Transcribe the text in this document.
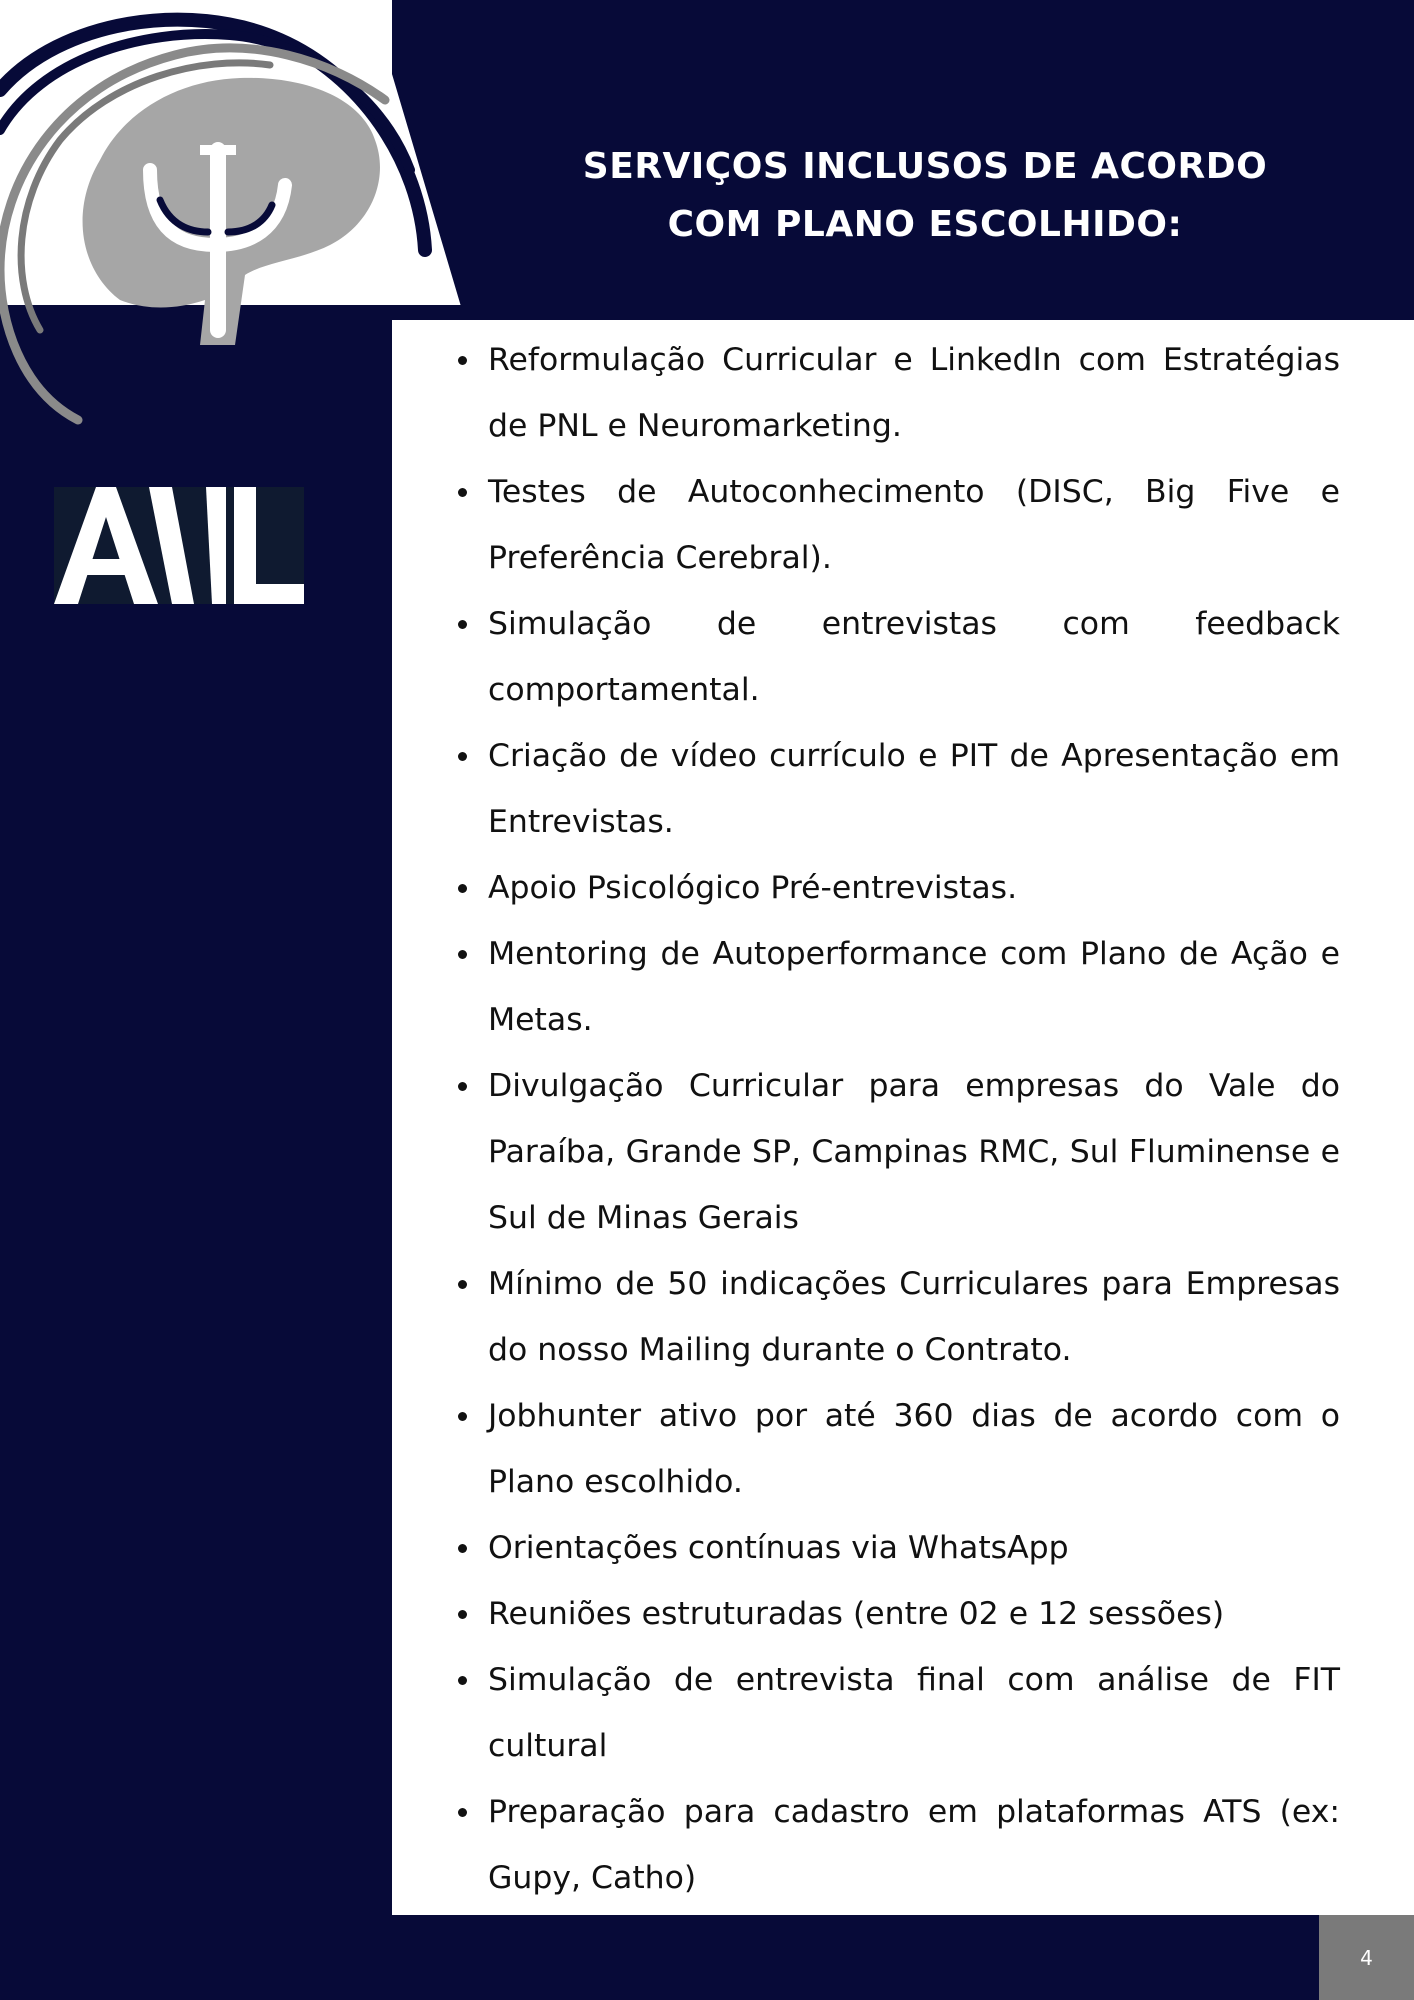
SERVIÇOS INCLUSOS DE ACORDO
COM PLANO ESCOLHIDO:
Reformulação Curricular e LinkedIn com Estratégias de PNL e Neuromarketing.
Testes de Autoconhecimento (DISC, Big Five e Preferência Cerebral).
Simulação de entrevistas com feedback comportamental.
Criação de vídeo currículo e PIT de Apresentação em Entrevistas.
Apoio Psicológico Pré-entrevistas.
Mentoring de Autoperformance com Plano de Ação e Metas.
Divulgação Curricular para empresas do Vale do Paraíba, Grande SP, Campinas RMC, Sul Fluminense e Sul de Minas Gerais
Mínimo de 50 indicações Curriculares para Empresas do nosso Mailing durante o Contrato.
Jobhunter ativo por até 360 dias de acordo com o Plano escolhido.
Orientações contínuas via WhatsApp
Reuniões estruturadas (entre 02 e 12 sessões)
Simulação de entrevista final com análise de FIT cultural
Preparação para cadastro em plataformas ATS (ex: Gupy, Catho)
4
